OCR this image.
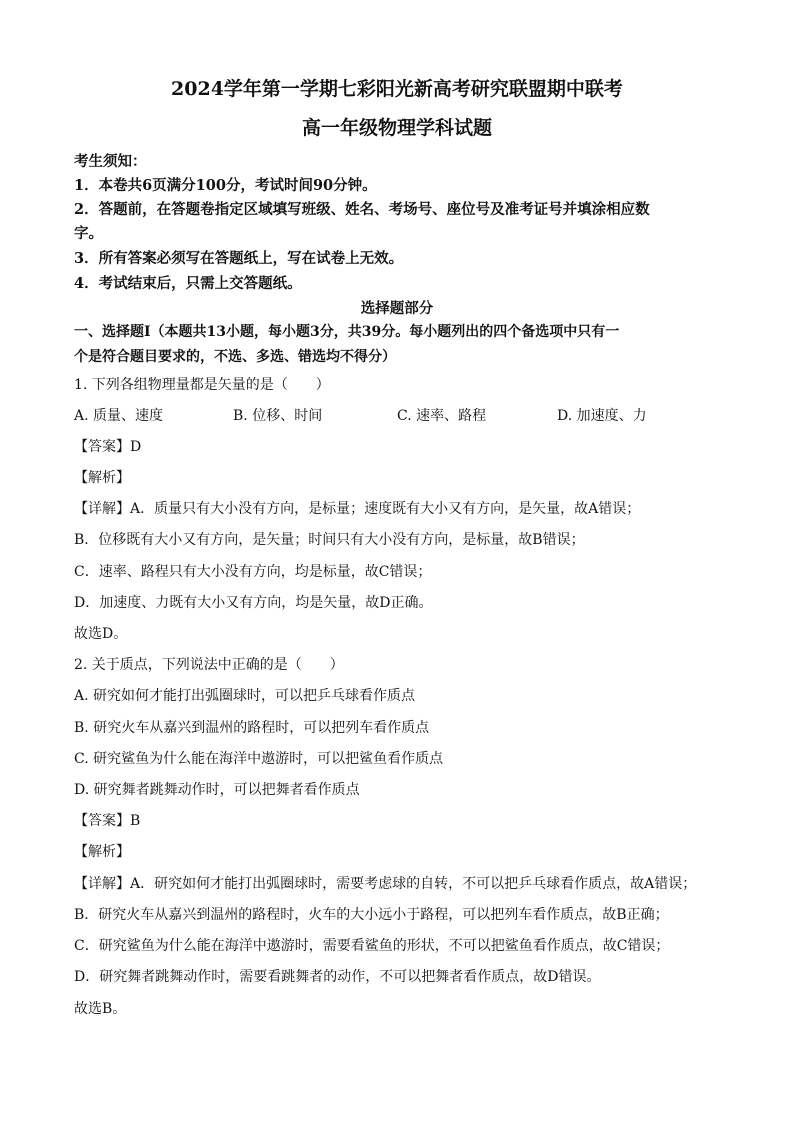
2024学年第一学期七彩阳光新高考研究联盟期中联考
高一年级物理学科试题
考生须知：
1．本卷共6页满分100分，考试时间90分钟。
2．答题前，在答题卷指定区域填写班级、姓名、考场号、座位号及准考证号并填涂相应数
字。
3．所有答案必须写在答题纸上，写在试卷上无效。
4．考试结束后，只需上交答题纸。
选择题部分
一、选择题Ⅰ（本题共13小题，每小题3分，共39分。每小题列出的四个备选项中只有一
个是符合题目要求的，不选、多选、错选均不得分）
1. 下列各组物理量都是矢量的是（　　）
A. 质量、速度	B. 位移、时间	C. 速率、路程	D. 加速度、力
【答案】D
【解析】
【详解】A．质量只有大小没有方向，是标量；速度既有大小又有方向，是矢量，故A错误；
B．位移既有大小又有方向，是矢量；时间只有大小没有方向，是标量，故B错误；
C．速率、路程只有大小没有方向，均是标量，故C错误；
D．加速度、力既有大小又有方向，均是矢量，故D正确。
故选D。
2. 关于质点，下列说法中正确的是（　　）
A. 研究如何才能打出弧圈球时，可以把乒乓球看作质点
B. 研究火车从嘉兴到温州的路程时，可以把列车看作质点
C. 研究鲨鱼为什么能在海洋中遨游时，可以把鲨鱼看作质点
D. 研究舞者跳舞动作时，可以把舞者看作质点
【答案】B
【解析】
【详解】A．研究如何才能打出弧圈球时，需要考虑球的自转，不可以把乒乓球看作质点，故A错误；
B．研究火车从嘉兴到温州的路程时，火车的大小远小于路程，可以把列车看作质点，故B正确；
C．研究鲨鱼为什么能在海洋中遨游时，需要看鲨鱼的形状，不可以把鲨鱼看作质点，故C错误；
D．研究舞者跳舞动作时，需要看跳舞者的动作，不可以把舞者看作质点，故D错误。
故选B。
